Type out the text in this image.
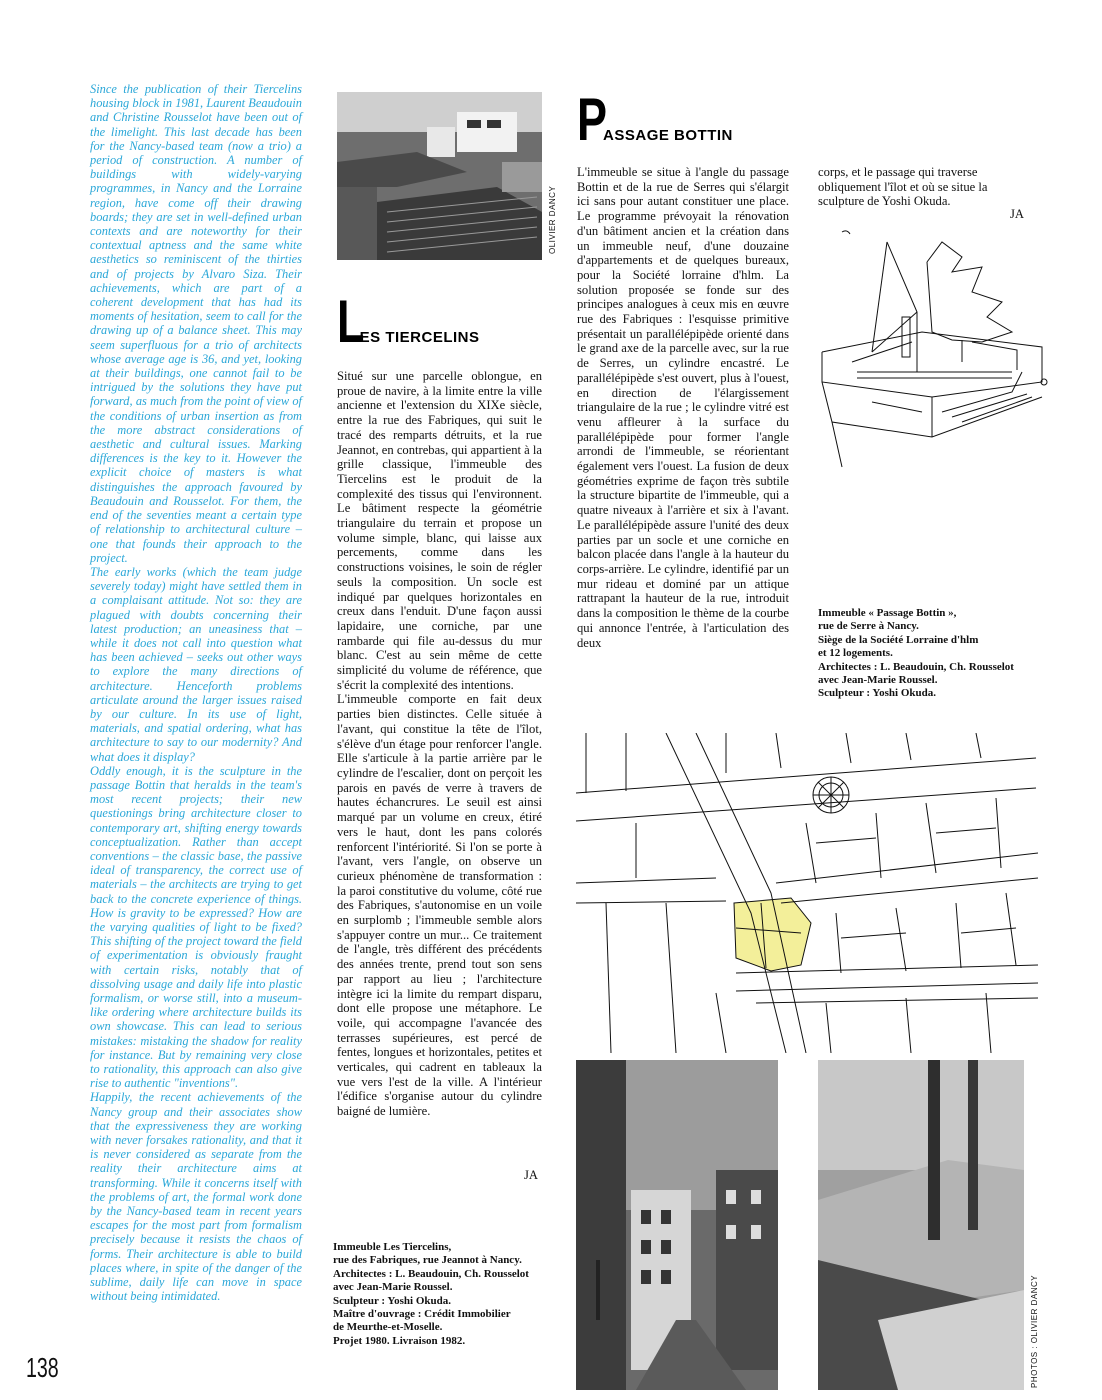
138

Since the publication of their Tiercelins housing block in 1981, Laurent Beaudouin and Christine Rousselot have been out of the limelight. This last decade has been for the Nancy-based team (now a trio) a period of construction. A number of buildings with widely-varying programmes, in Nancy and the Lorraine region, have come off their drawing boards; they are set in well-defined urban contexts and are noteworthy for their contextual aptness and the same white aesthetics so reminiscent of the thirties and of projects by Alvaro Siza. Their achievements, which are part of a coherent development that has had its moments of hesitation, seem to call for the drawing up of a balance sheet. This may seem superfluous for a trio of architects whose average age is 36, and yet, looking at their buildings, one cannot fail to be intrigued by the solutions they have put forward, as much from the point of view of the conditions of urban insertion as from the more abstract considerations of aesthetic and cultural issues. Marking differences is the key to it. However the explicit choice of masters is what distinguishes the approach favoured by Beaudouin and Rousselot. For them, the end of the seventies meant a certain type of relationship to architectural culture – one that founds their approach to the project.

The early works (which the team judge severely today) might have settled them in a complaisant attitude. Not so: they are plagued with doubts concerning their latest production; an uneasiness that – while it does not call into question what has been achieved – seeks out other ways to explore the many directions of architecture. Henceforth problems articulate around the larger issues raised by our culture. In its use of light, materials, and spatial ordering, what has architecture to say to our modernity? And what does it display?

Oddly enough, it is the sculpture in the passage Bottin that heralds in the team's most recent projects; their new questionings bring architecture closer to contemporary art, shifting energy towards conceptualization. Rather than accept conventions – the classic base, the passive ideal of transparency, the correct use of materials – the architects are trying to get back to the concrete experience of things. How is gravity to be expressed? How are the varying qualities of light to be fixed? This shifting of the project toward the field of experimentation is obviously fraught with certain risks, notably that of dissolving usage and daily life into plastic formalism, or worse still, into a museum-like ordering where architecture builds its own showcase. This can lead to serious mistakes: mistaking the shadow for reality for instance. But by remaining very close to rationality, this approach can also give rise to authentic "inventions".

Happily, the recent achievements of the Nancy group and their associates show that the expressiveness they are working with never forsakes rationality, and that it is never considered as separate from the reality their architecture aims at transforming. While it concerns itself with the problems of art, the formal work done by the Nancy-based team in recent years escapes for the most part from formalism precisely because it resists the chaos of forms. Their architecture is able to build places where, in spite of the danger of the sublime, daily life can move in space without being intimidated.

OLIVIER DANCY
LES TIERCELINS

Situé sur une parcelle oblongue, en proue de navire, à la limite entre la ville ancienne et l'extension du XIXe siècle, entre la rue des Fabriques, qui suit le tracé des remparts détruits, et la rue Jeannot, en contrebas, qui appartient à la grille classique, l'immeuble des Tiercelins est le produit de la complexité des tissus qui l'environnent. Le bâtiment respecte la géométrie triangulaire du terrain et propose un volume simple, blanc, qui laisse aux percements, comme dans les constructions voisines, le soin de régler seuls la composition. Un socle est indiqué par quelques horizontales en creux dans l'enduit. D'une façon aussi lapidaire, une corniche, par une rambarde qui file au-dessus du mur blanc. C'est au sein même de cette simplicité du volume de référence, que s'écrit la complexité des intentions.

L'immeuble comporte en fait deux parties bien distinctes. Celle située à l'avant, qui constitue la tête de l'îlot, s'élève d'un étage pour renforcer l'angle. Elle s'articule à la partie arrière par le cylindre de l'escalier, dont on perçoit les parois en pavés de verre à travers de hautes échancrures. Le seuil est ainsi marqué par un volume en creux, étiré vers le haut, dont les pans colorés renforcent l'intériorité. Si l'on se porte à l'avant, vers l'angle, on observe un curieux phénomène de transformation : la paroi constitutive du volume, côté rue des Fabriques, s'autonomise en un voile en surplomb ; l'immeuble semble alors s'appuyer contre un mur... Ce traitement de l'angle, très différent des précédents des années trente, prend tout son sens par rapport au lieu ; l'architecture intègre ici la limite du rempart disparu, dont elle propose une métaphore. Le voile, qui accompagne l'avancée des terrasses supérieures, est percé de fentes, longues et horizontales, petites et verticales, qui cadrent en tableaux la vue vers l'est de la ville. A l'intérieur l'édifice s'organise autour du cylindre baigné de lumière.

JA
Immeuble Les Tiercelins,
rue des Fabriques, rue Jeannot à Nancy.
Architectes : L. Beaudouin, Ch. Rousselot
avec Jean-Marie Roussel.
Sculpteur : Yoshi Okuda.
Maître d'ouvrage : Crédit Immobilier
de Meurthe-et-Moselle.
Projet 1980. Livraison 1982.
PASSAGE BOTTIN

L'immeuble se situe à l'angle du passage Bottin et de la rue de Serres qui s'élargit ici sans pour autant constituer une place. Le programme prévoyait la rénovation d'un bâtiment ancien et la création dans un immeuble neuf, d'une douzaine d'appartements et de quelques bureaux, pour la Société lorraine d'hlm. La solution proposée se fonde sur des principes analogues à ceux mis en œuvre rue des Fabriques : l'esquisse primitive présentait un parallélépipède orienté dans le grand axe de la parcelle avec, sur la rue de Serres, un cylindre encastré. Le parallélépipède s'est ouvert, plus à l'ouest, en direction de l'élargissement triangulaire de la rue ; le cylindre vitré est venu affleurer à la surface du parallélépipède pour former l'angle arrondi de l'immeuble, se réorientant également vers l'ouest. La fusion de deux géométries exprime de façon très subtile la structure bipartite de l'immeuble, qui a quatre niveaux à l'arrière et six à l'avant. Le parallélépipède assure l'unité des deux parties par un socle et une corniche en balcon placée dans l'angle à la hauteur du corps-arrière. Le cylindre, identifié par un mur rideau et dominé par un attique rattrapant la hauteur de la rue, introduit dans la composition le thème de la courbe qui annonce l'entrée, à l'articulation des deux

corps, et le passage qui traverse obliquement l'îlot et où se situe la sculpture de Yoshi Okuda.

JA
Immeuble « Passage Bottin »,
rue de Serre à Nancy.
Siège de la Société Lorraine d'hlm
et 12 logements.
Architectes : L. Beaudouin, Ch. Rousselot
avec Jean-Marie Roussel.
Sculpteur : Yoshi Okuda.
PHOTOS : OLIVIER DANCY
